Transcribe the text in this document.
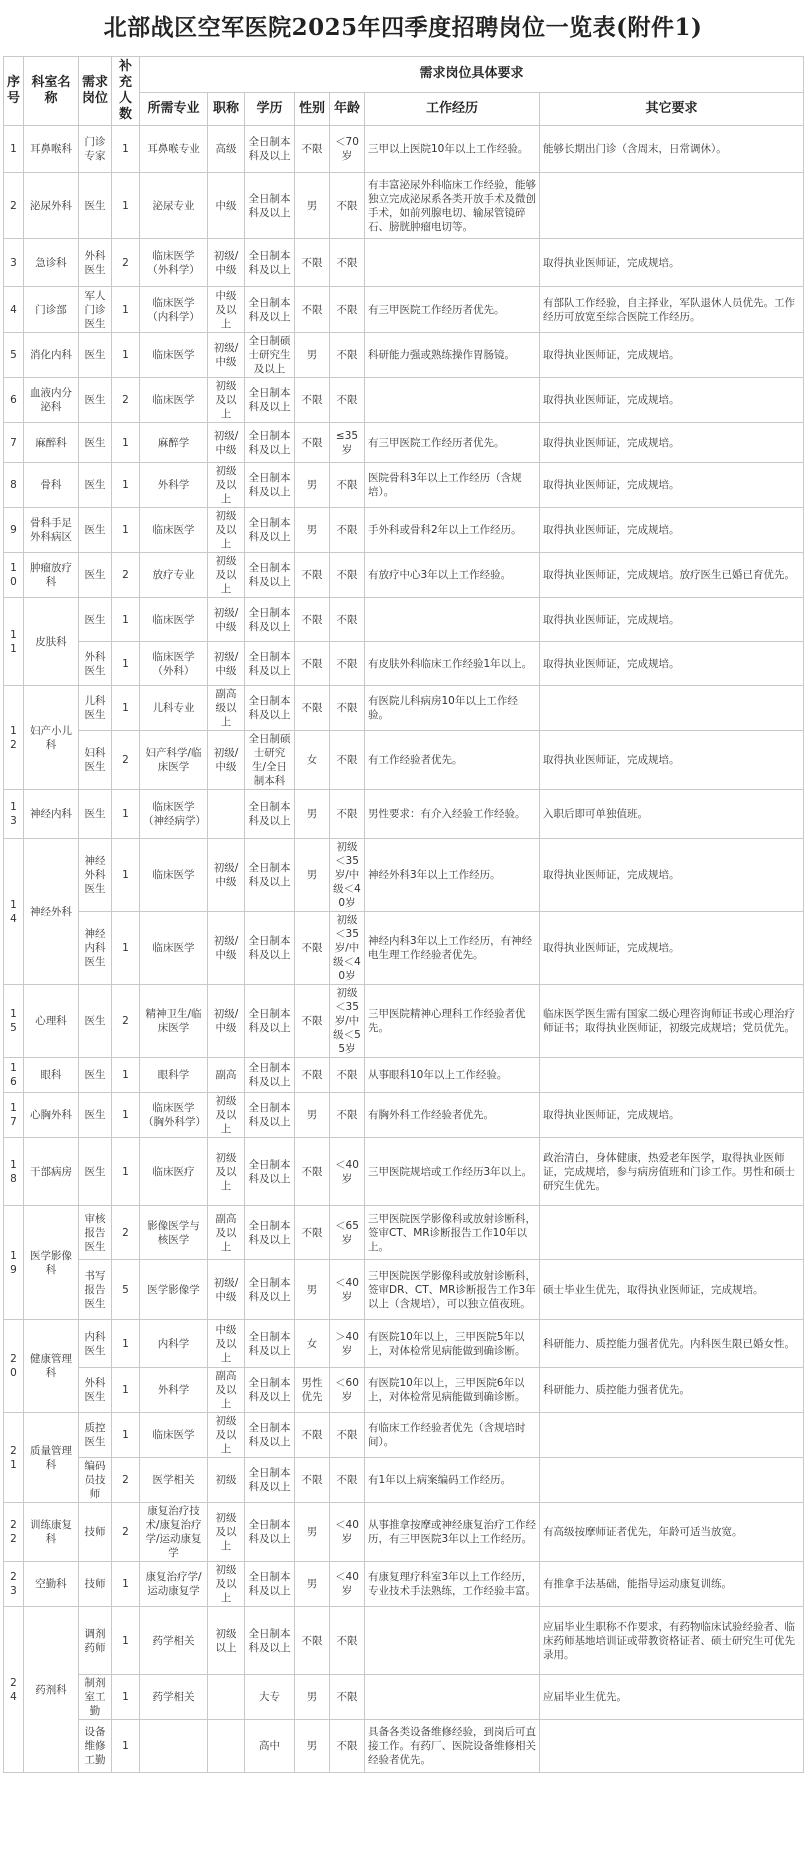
北部战区空军医院2025年四季度招聘岗位一览表(附件1)
序号	科室名称	需求岗位	补充人数	需求岗位具体要求						
				所需专业	职称	学历	性别	年龄	工作经历	其它要求
1	耳鼻喉科	门诊专家	1	耳鼻喉专业	高级	全日制本科及以上	不限	＜70岁	三甲以上医院10年以上工作经验。	能够长期出门诊（含周末，日常调休）。
2	泌尿外科	医生	1	泌尿专业	中级	全日制本科及以上	男	不限	有丰富泌尿外科临床工作经验，能够独立完成泌尿系各类开放手术及微创手术，如前列腺电切、输尿管镜碎石、膀胱肿瘤电切等。	
3	急诊科	外科医生	2	临床医学（外科学）	初级/中级	全日制本科及以上	不限	不限		取得执业医师证，完成规培。
4	门诊部	军人门诊医生	1	临床医学（内科学）	中级及以上	全日制本科及以上	不限	不限	有三甲医院工作经历者优先。	有部队工作经验，自主择业，军队退休人员优先。工作经历可放宽至综合医院工作经历。
5	消化内科	医生	1	临床医学	初级/中级	全日制硕士研究生及以上	男	不限	科研能力强或熟练操作胃肠镜。	取得执业医师证，完成规培。
6	血液内分泌科	医生	2	临床医学	初级及以上	全日制本科及以上	不限	不限		取得执业医师证，完成规培。
7	麻醉科	医生	1	麻醉学	初级/中级	全日制本科及以上	不限	≤35岁	有三甲医院工作经历者优先。	取得执业医师证，完成规培。
8	骨科	医生	1	外科学	初级及以上	全日制本科及以上	男	不限	医院骨科3年以上工作经历（含规培）。	取得执业医师证，完成规培。
9	骨科手足外科病区	医生	1	临床医学	初级及以上	全日制本科及以上	男	不限	手外科或骨科2年以上工作经历。	取得执业医师证，完成规培。
10	肿瘤放疗科	医生	2	放疗专业	初级及以上	全日制本科及以上	不限	不限	有放疗中心3年以上工作经验。	取得执业医师证，完成规培。放疗医生已婚已育优先。
11	皮肤科	医生	1	临床医学	初级/中级	全日制本科及以上	不限	不限		取得执业医师证，完成规培。
		外科医生	1	临床医学（外科）	初级/中级	全日制本科及以上	不限	不限	有皮肤外科临床工作经验1年以上。	取得执业医师证，完成规培。
12	妇产小儿科	儿科医生	1	儿科专业	副高级以上	全日制本科及以上	不限	不限	有医院儿科病房10年以上工作经验。	
		妇科医生	2	妇产科学/临床医学	初级/中级	全日制硕士研究生/全日制本科	女	不限	有工作经验者优先。	取得执业医师证，完成规培。
13	神经内科	医生	1	临床医学（神经病学）		全日制本科及以上	男	不限	男性要求：有介入经验工作经验。	入职后即可单独值班。
14	神经外科	神经外科医生	1	临床医学	初级/中级	全日制本科及以上	男	初级＜35岁/中级＜40岁	神经外科3年以上工作经历。	取得执业医师证，完成规培。
		神经内科医生	1	临床医学	初级/中级	全日制本科及以上	不限	初级＜35岁/中级＜40岁	神经内科3年以上工作经历，有神经电生理工作经验者优先。	取得执业医师证，完成规培。
15	心理科	医生	2	精神卫生/临床医学	初级/中级	全日制本科及以上	不限	初级＜35岁/中级＜55岁	三甲医院精神心理科工作经验者优先。	临床医学医生需有国家二级心理咨询师证书或心理治疗师证书；取得执业医师证，初级完成规培；党员优先。
16	眼科	医生	1	眼科学	副高	全日制本科及以上	不限	不限	从事眼科10年以上工作经验。	
17	心胸外科	医生	1	临床医学（胸外科学）	初级及以上	全日制本科及以上	男	不限	有胸外科工作经验者优先。	取得执业医师证，完成规培。
18	干部病房	医生	1	临床医疗	初级及以上	全日制本科及以上	不限	＜40岁	三甲医院规培或工作经历3年以上。	政治清白，身体健康，热爱老年医学，取得执业医师证，完成规培，参与病房值班和门诊工作。男性和硕士研究生优先。
19	医学影像科	审核报告医生	2	影像医学与核医学	副高及以上	全日制本科及以上	不限	＜65岁	三甲医院医学影像科或放射诊断科，签审CT、MR诊断报告工作10年以上。	
		书写报告医生	5	医学影像学	初级/中级	全日制本科及以上	男	＜40岁	三甲医院医学影像科或放射诊断科，签审DR、CT、MR诊断报告工作3年以上（含规培），可以独立值夜班。	硕士毕业生优先，取得执业医师证，完成规培。
20	健康管理科	内科医生	1	内科学	中级及以上	全日制本科及以上	女	＞40岁	有医院10年以上，三甲医院5年以上，对体检常见病能做到确诊断。	科研能力、质控能力强者优先。内科医生限已婚女性。
		外科医生	1	外科学	副高及以上	全日制本科及以上	男性优先	＜60岁	有医院10年以上，三甲医院6年以上，对体检常见病能做到确诊断。	科研能力、质控能力强者优先。
21	质量管理科	质控医生	1	临床医学	初级及以上	全日制本科及以上	不限	不限	有临床工作经验者优先（含规培时间）。	
		编码员技师	2	医学相关	初级	全日制本科及以上	不限	不限	有1年以上病案编码工作经历。	
22	训练康复科	技师	2	康复治疗技术/康复治疗学/运动康复学	初级及以上	全日制本科及以上	男	＜40岁	从事推拿按摩或神经康复治疗工作经历，有三甲医院3年以上工作经历。	有高级按摩师证者优先，年龄可适当放宽。
23	空勤科	技师	1	康复治疗学/运动康复学	初级及以上	全日制本科及以上	男	＜40岁	有康复理疗科室3年以上工作经历，专业技术手法熟练，工作经验丰富。	有推拿手法基础，能指导运动康复训练。
24	药剂科	调剂药师	1	药学相关	初级以上	全日制本科及以上	不限	不限		应届毕业生职称不作要求，有药物临床试验经验者、临床药师基地培训证或带教资格证者、硕士研究生可优先录用。
		制剂室工勤	1	药学相关		大专	男	不限		应届毕业生优先。
		设备维修工勤	1			高中	男	不限	具备各类设备维修经验，到岗后可直接工作。有药厂、医院设备维修相关经验者优先。	
